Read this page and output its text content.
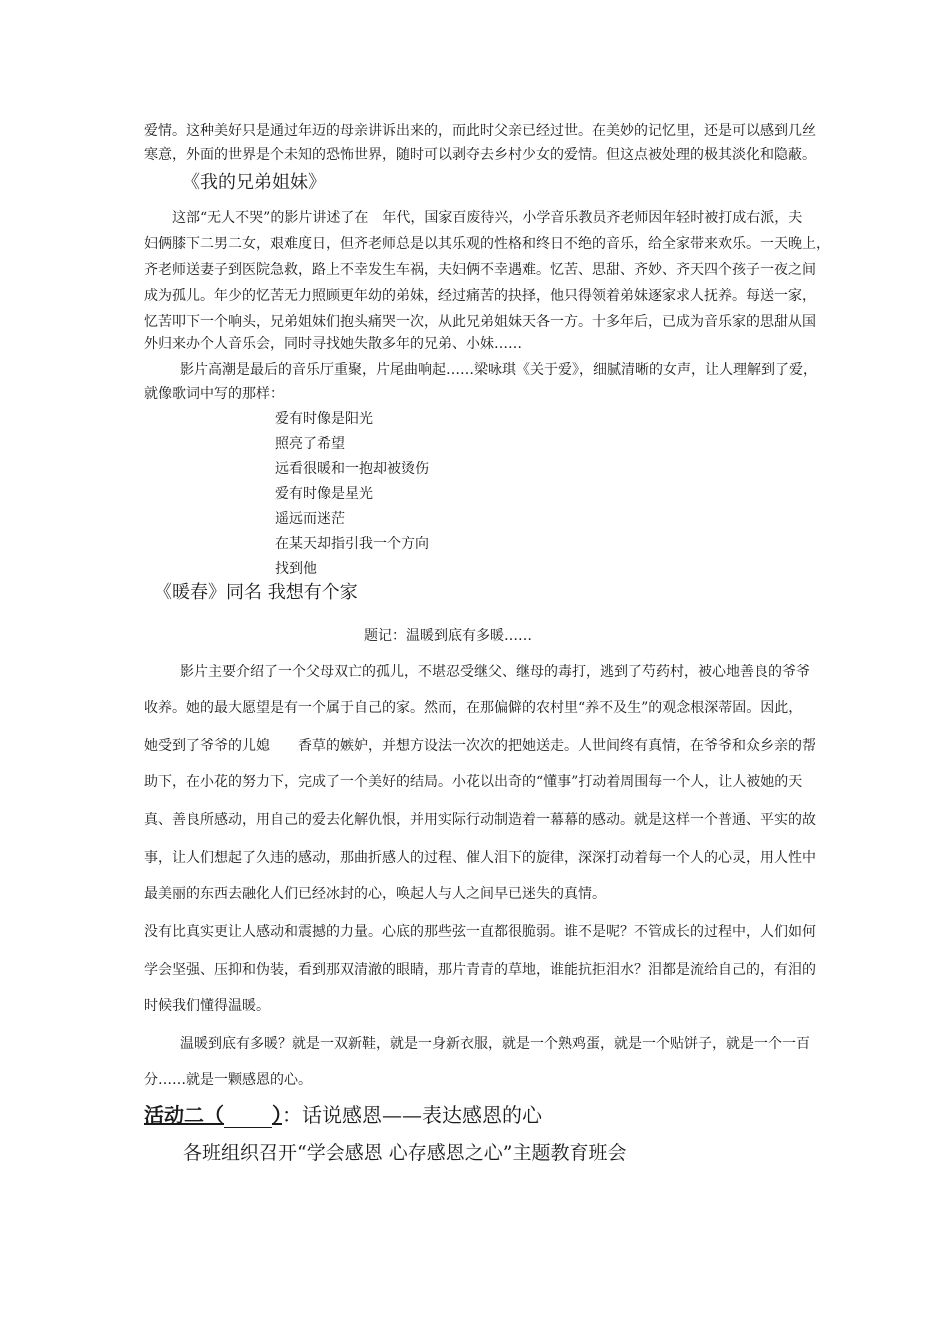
爱情。这种美好只是通过年迈的母亲讲诉出来的，而此时父亲已经过世。在美妙的记忆里，还是可以感到几丝
寒意，外面的世界是个未知的恐怖世界，随时可以剥夺去乡村少女的爱情。但这点被处理的极其淡化和隐蔽。
《我的兄弟姐妹》
这部“无人不哭”的影片讲述了在　年代，国家百废待兴，小学音乐教员齐老师因年轻时被打成右派，夫
妇俩膝下二男二女，艰难度日，但齐老师总是以其乐观的性格和终日不绝的音乐，给全家带来欢乐。一天晚上，
齐老师送妻子到医院急救，路上不幸发生车祸，夫妇俩不幸遇难。忆苦、思甜、齐妙、齐天四个孩子一夜之间
成为孤儿。年少的忆苦无力照顾更年幼的弟妹，经过痛苦的抉择，他只得领着弟妹逐家求人抚养。每送一家，
忆苦叩下一个响头，兄弟姐妹们抱头痛哭一次，从此兄弟姐妹天各一方。十多年后，已成为音乐家的思甜从国
外归来办个人音乐会，同时寻找她失散多年的兄弟、小妹……
影片高潮是最后的音乐厅重聚，片尾曲响起……梁咏琪《关于爱》，细腻清晰的女声，让人理解到了爱，
就像歌词中写的那样：
爱有时像是阳光
照亮了希望
远看很暖和一抱却被烫伤
爱有时像是星光
遥远而迷茫
在某天却指引我一个方向
找到他
《暖春》同名 我想有个家
题记：温暖到底有多暖……
影片主要介绍了一个父母双亡的孤儿，不堪忍受继父、继母的毒打，逃到了芍药村，被心地善良的爷爷
收养。她的最大愿望是有一个属于自己的家。然而，在那偏僻的农村里“养不及生”的观念根深蒂固。因此，
她受到了爷爷的儿媳　　香草的嫉妒，并想方设法一次次的把她送走。人世间终有真情，在爷爷和众乡亲的帮
助下，在小花的努力下，完成了一个美好的结局。小花以出奇的“懂事”打动着周围每一个人，让人被她的天
真、善良所感动，用自己的爱去化解仇恨，并用实际行动制造着一幕幕的感动。就是这样一个普通、平实的故
事，让人们想起了久违的感动，那曲折感人的过程、催人泪下的旋律，深深打动着每一个人的心灵，用人性中
最美丽的东西去融化人们已经冰封的心，唤起人与人之间早已迷失的真情。
没有比真实更让人感动和震撼的力量。心底的那些弦一直都很脆弱。谁不是呢？不管成长的过程中，人们如何
学会坚强、压抑和伪装，看到那双清澈的眼睛，那片青青的草地，谁能抗拒泪水？泪都是流给自己的，有泪的
时候我们懂得温暖。
温暖到底有多暖？就是一双新鞋，就是一身新衣服，就是一个熟鸡蛋，就是一个贴饼子，就是一个一百
分……就是一颗感恩的心。
活动二（ ）：话说感恩——表达感恩的心
各班组织召开“学会感恩 心存感恩之心”主题教育班会
